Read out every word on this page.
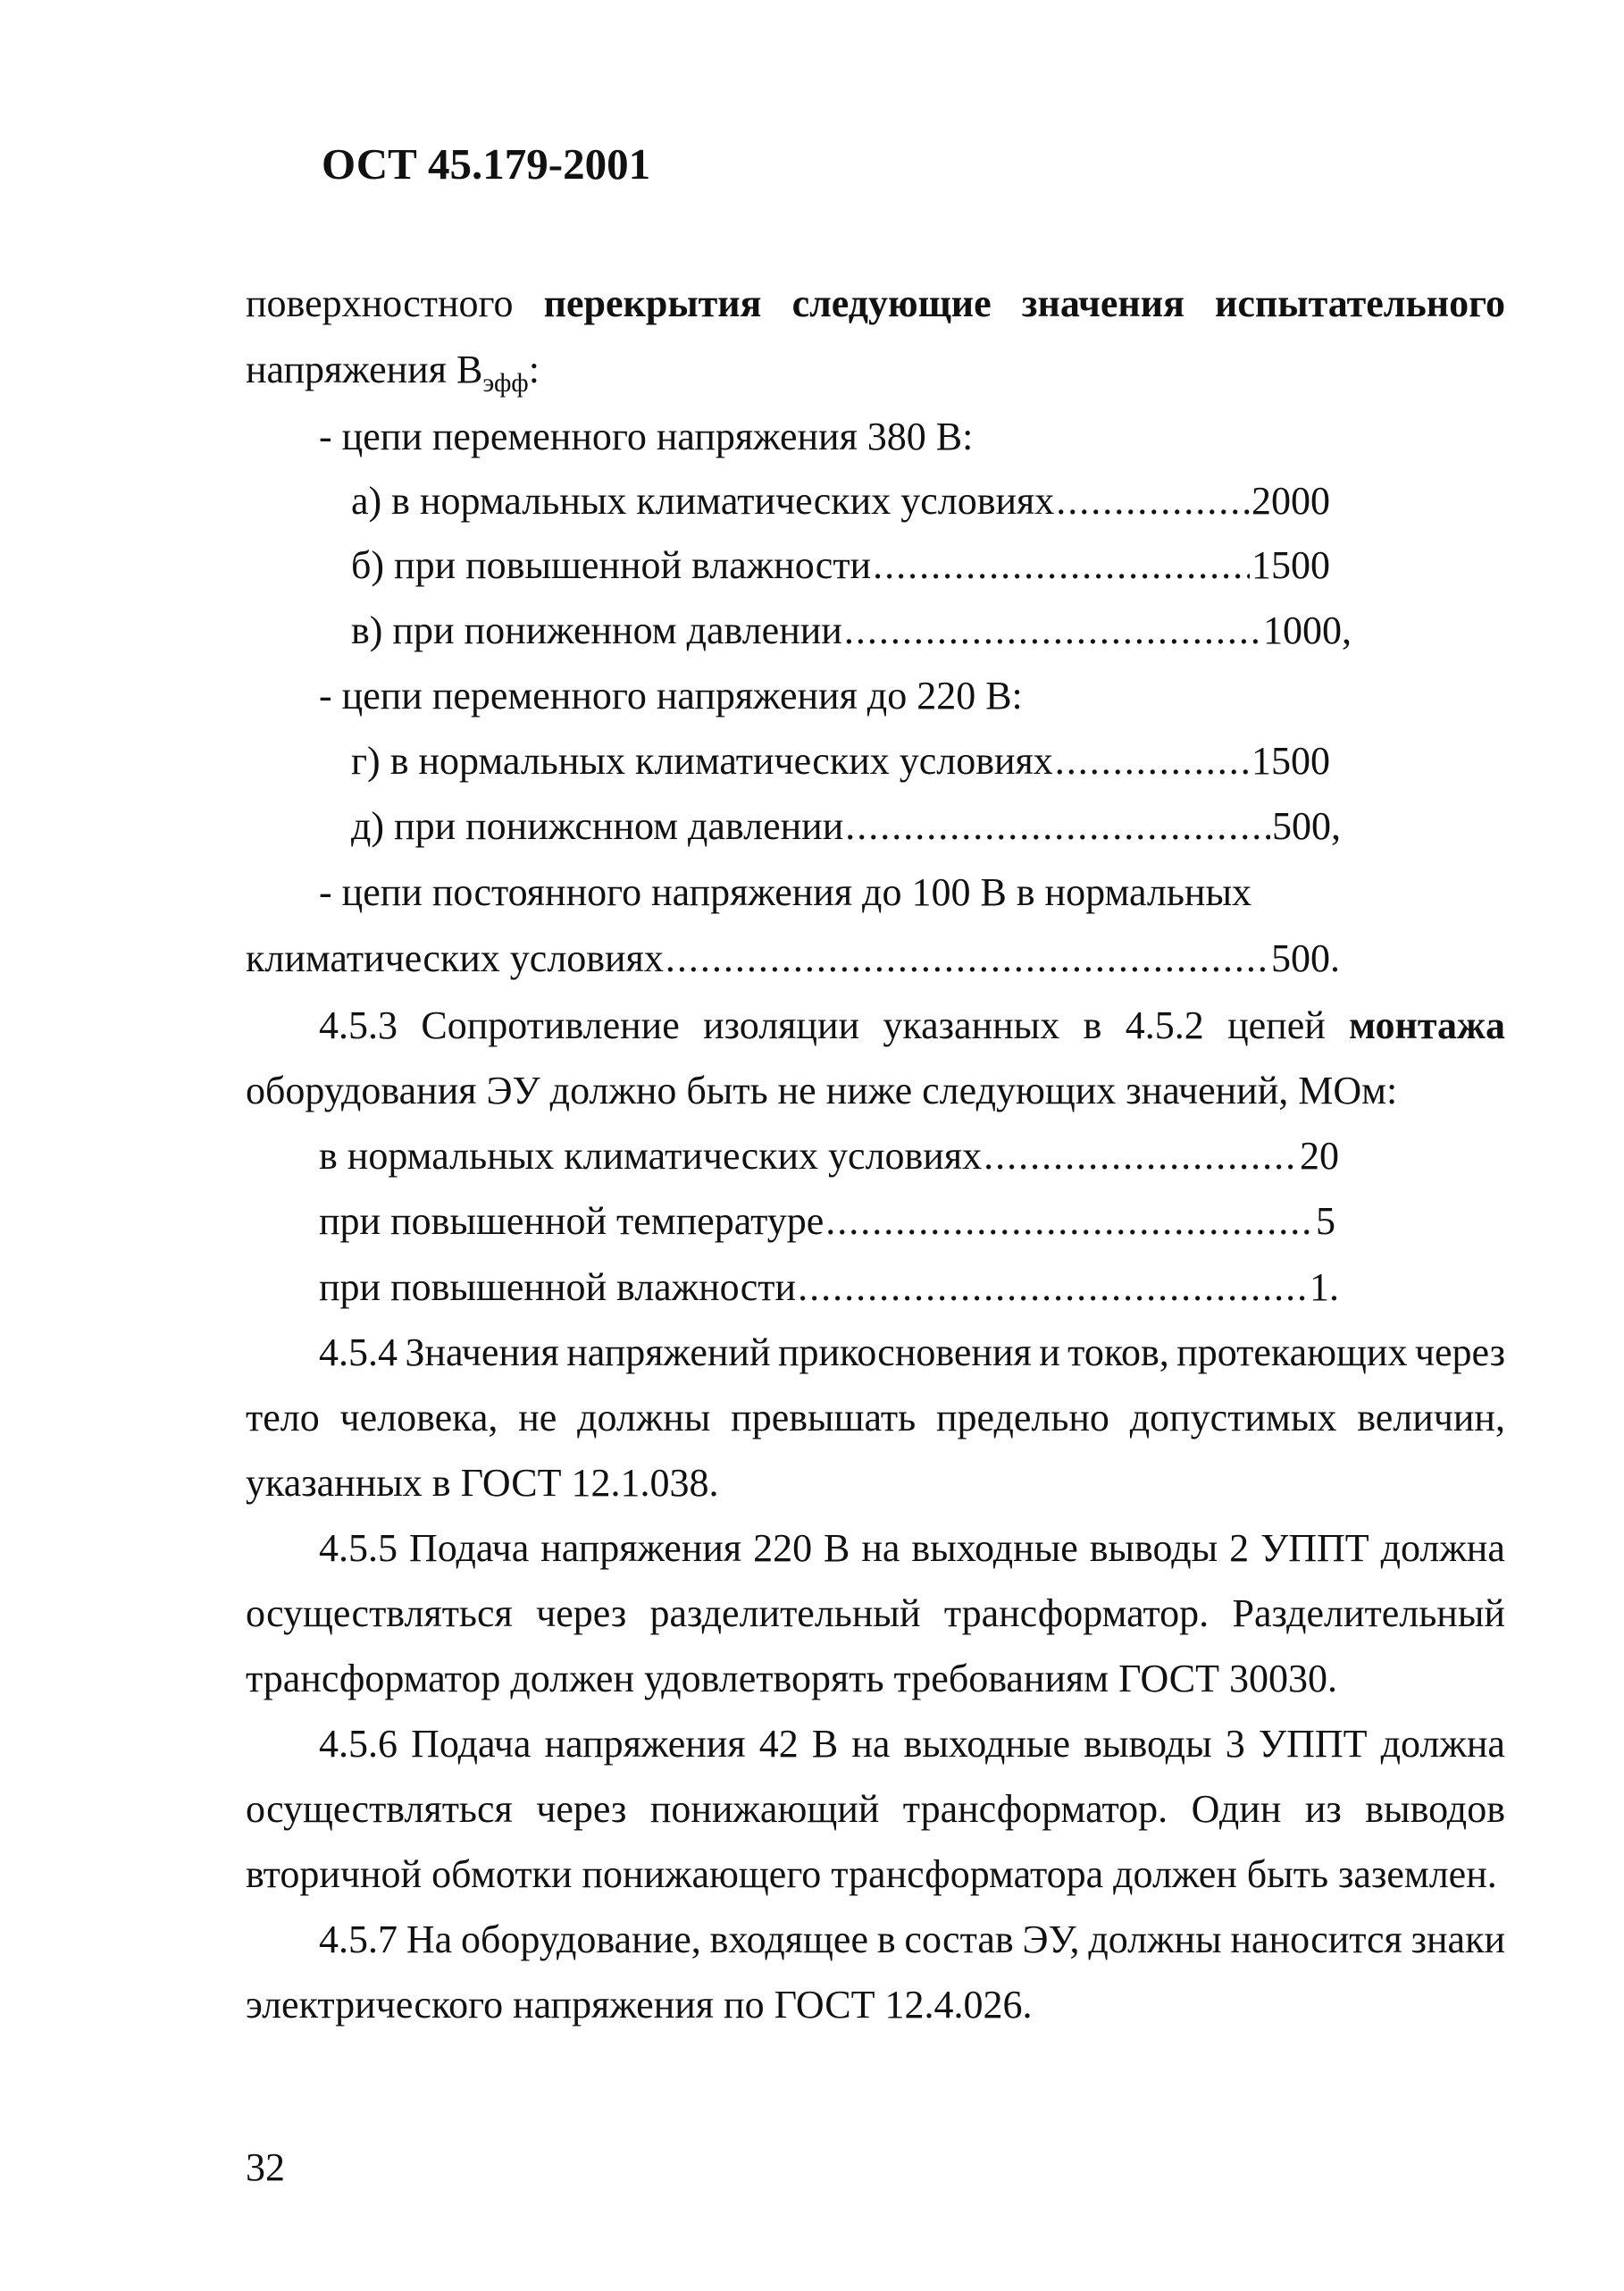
ОСТ 45.179-2001
поверхностного перекрытия следующие значения испытательного
напряжения $В_{эфф}$:
- цепи переменного напряжения 380 В:
а) в нормальных климатических условиях .....	2000
б) при повышенной влажности .....	1500
в) при пониженном давлении .....	1000,
- цепи переменного напряжения до 220 В:
г) в нормальных климатических условиях .....	1500
д) при понижснном давлении .....	500,
- цепи постоянного напряжения до 100 В в нормальных
климатических условиях .....	500.
4.5.3 Сопротивление изоляции указанных в 4.5.2 цепей монтажа
оборудования ЭУ должно быть не ниже следующих значений, МОм:
в нормальных климатических условиях .....	20
при повышенной температуре .....	5
при повышенной влажности .....	1.
4.5.4 Значения напряжений прикосновения и токов, протекающих через
тело человека, не должны превышать предельно допустимых величин,
указанных в ГОСТ 12.1.038.
4.5.5 Подача напряжения 220 В на выходные выводы 2 УППТ должна
осуществляться через разделительный трансформатор. Разделительный
трансформатор должен удовлетворять требованиям ГОСТ 30030.
4.5.6 Подача напряжения 42 В на выходные выводы 3 УППТ должна
осуществляться через понижающий трансформатор. Один из выводов
вторичной обмотки понижающего трансформатора должен быть заземлен.
4.5.7 На оборудование, входящее в состав ЭУ, должны наносится знаки
электрического напряжения по ГОСТ 12.4.026.
32
